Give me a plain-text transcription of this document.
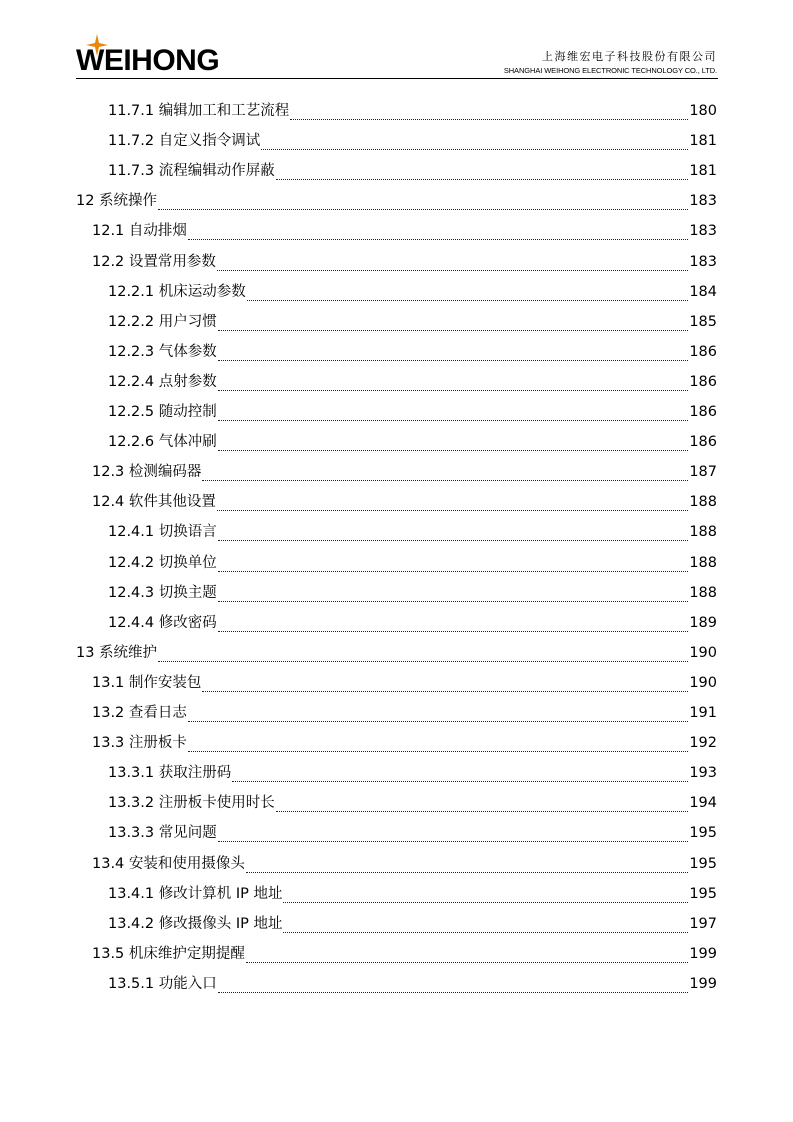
WEIHONG	上海维宏电子科技股份有限公司
SHANGHAI WEIHONG ELECTRONIC TECHNOLOGY CO., LTD.
11.7.1 编辑加工和工艺流程	180
11.7.2 自定义指令调试	181
11.7.3 流程编辑动作屏蔽	181
12 系统操作	183
12.1 自动排烟	183
12.2 设置常用参数	183
12.2.1 机床运动参数	184
12.2.2 用户习惯	185
12.2.3 气体参数	186
12.2.4 点射参数	186
12.2.5 随动控制	186
12.2.6 气体冲刷	186
12.3 检测编码器	187
12.4 软件其他设置	188
12.4.1 切换语言	188
12.4.2 切换单位	188
12.4.3 切换主题	188
12.4.4 修改密码	189
13 系统维护	190
13.1 制作安装包	190
13.2 查看日志	191
13.3 注册板卡	192
13.3.1 获取注册码	193
13.3.2 注册板卡使用时长	194
13.3.3 常见问题	195
13.4 安装和使用摄像头	195
13.4.1 修改计算机 IP 地址	195
13.4.2 修改摄像头 IP 地址	197
13.5 机床维护定期提醒	199
13.5.1 功能入口	199
